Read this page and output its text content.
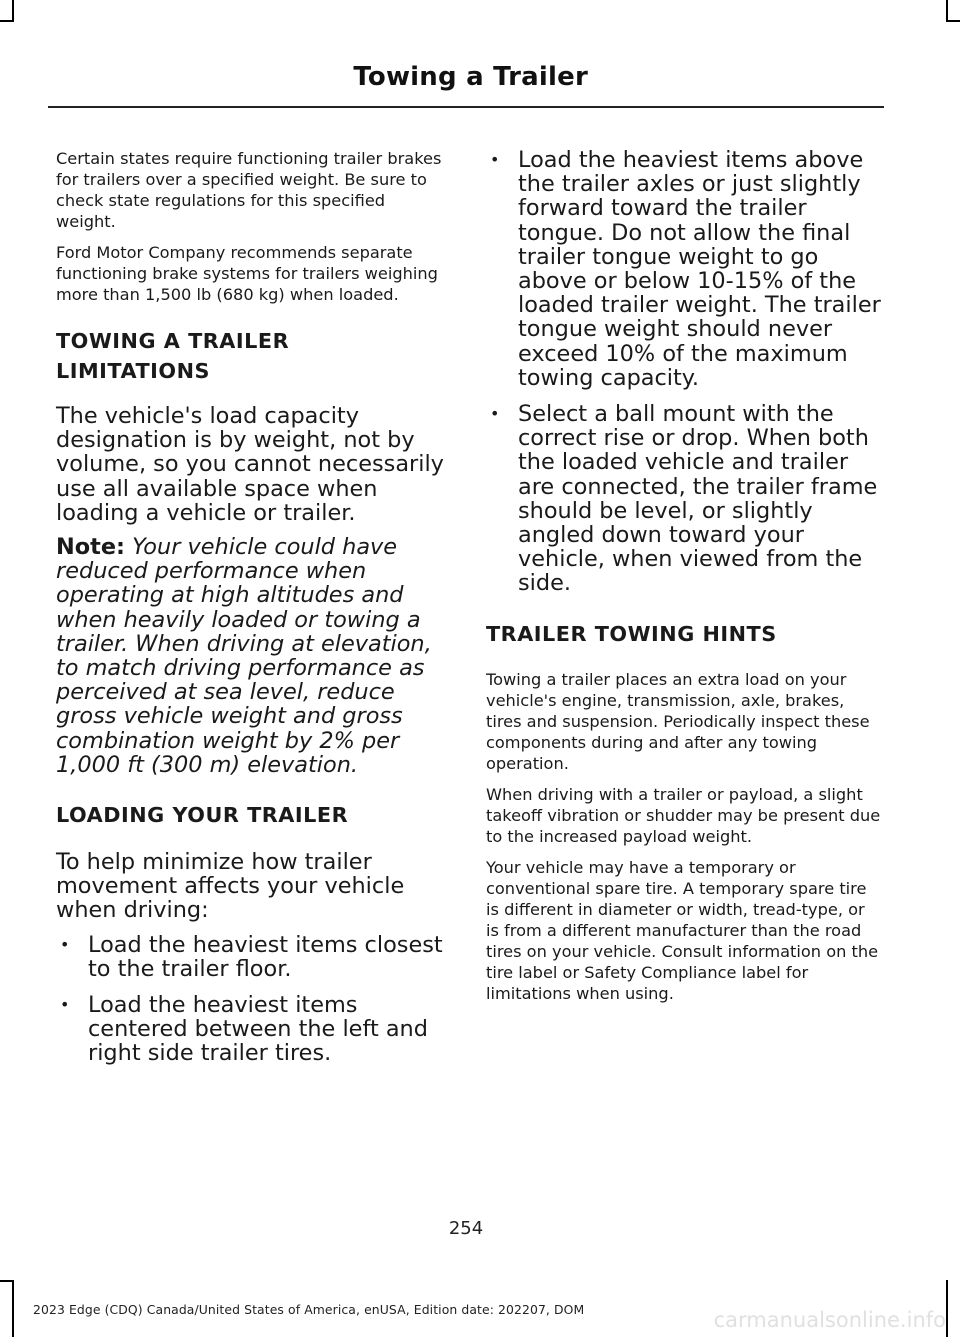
Towing a Trailer

Certain states require functioning trailer brakes for trailers over a specified weight. Be sure to check state regulations for this specified weight.

Ford Motor Company recommends separate functioning brake systems for trailers weighing more than 1,500 lb (680 kg) when loaded.

TOWING A TRAILER
LIMITATIONS

The vehicle's load capacity designation is by weight, not by volume, so you cannot necessarily use all available space when loading a vehicle or trailer.

Note: Your vehicle could have reduced performance when operating at high altitudes and when heavily loaded or towing a trailer. When driving at elevation, to match driving performance as perceived at sea level, reduce gross vehicle weight and gross combination weight by 2% per 1,000 ft (300 m) elevation.

LOADING YOUR TRAILER

To help minimize how trailer movement affects your vehicle when driving:

• Load the heaviest items closest to the trailer floor.
• Load the heaviest items centered between the left and right side trailer tires.
• Load the heaviest items above the trailer axles or just slightly forward toward the trailer tongue. Do not allow the final trailer tongue weight to go above or below 10-15% of the loaded trailer weight. The trailer tongue weight should never exceed 10% of the maximum towing capacity.
• Select a ball mount with the correct rise or drop. When both the loaded vehicle and trailer are connected, the trailer frame should be level, or slightly angled down toward your vehicle, when viewed from the side.
TRAILER TOWING HINTS

Towing a trailer places an extra load on your vehicle's engine, transmission, axle, brakes, tires and suspension. Periodically inspect these components during and after any towing operation.

When driving with a trailer or payload, a slight takeoff vibration or shudder may be present due to the increased payload weight.

Your vehicle may have a temporary or conventional spare tire. A temporary spare tire is different in diameter or width, tread-type, or is from a different manufacturer than the road tires on your vehicle. Consult information on the tire label or Safety Compliance label for limitations when using.

254
2023 Edge (CDQ) Canada/United States of America, enUSA, Edition date: 202207, DOM	carmanualsonline.info
